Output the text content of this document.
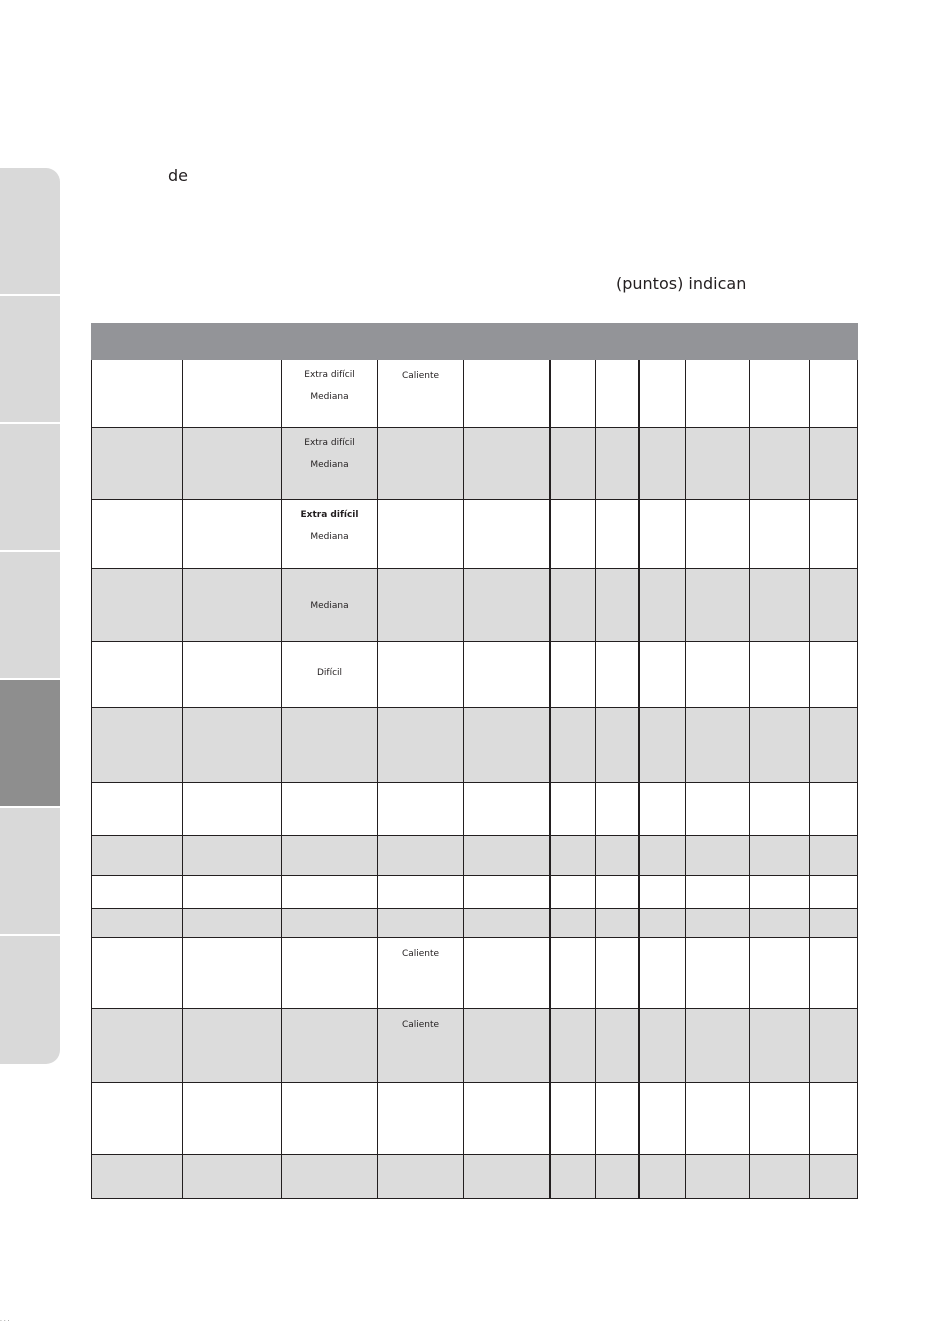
de
(puntos) indican
Extra difícil
Mediana
Caliente
Extra difícil
Mediana
Extra difícil
Mediana
Mediana
Difícil
Caliente
Caliente
· · ·
